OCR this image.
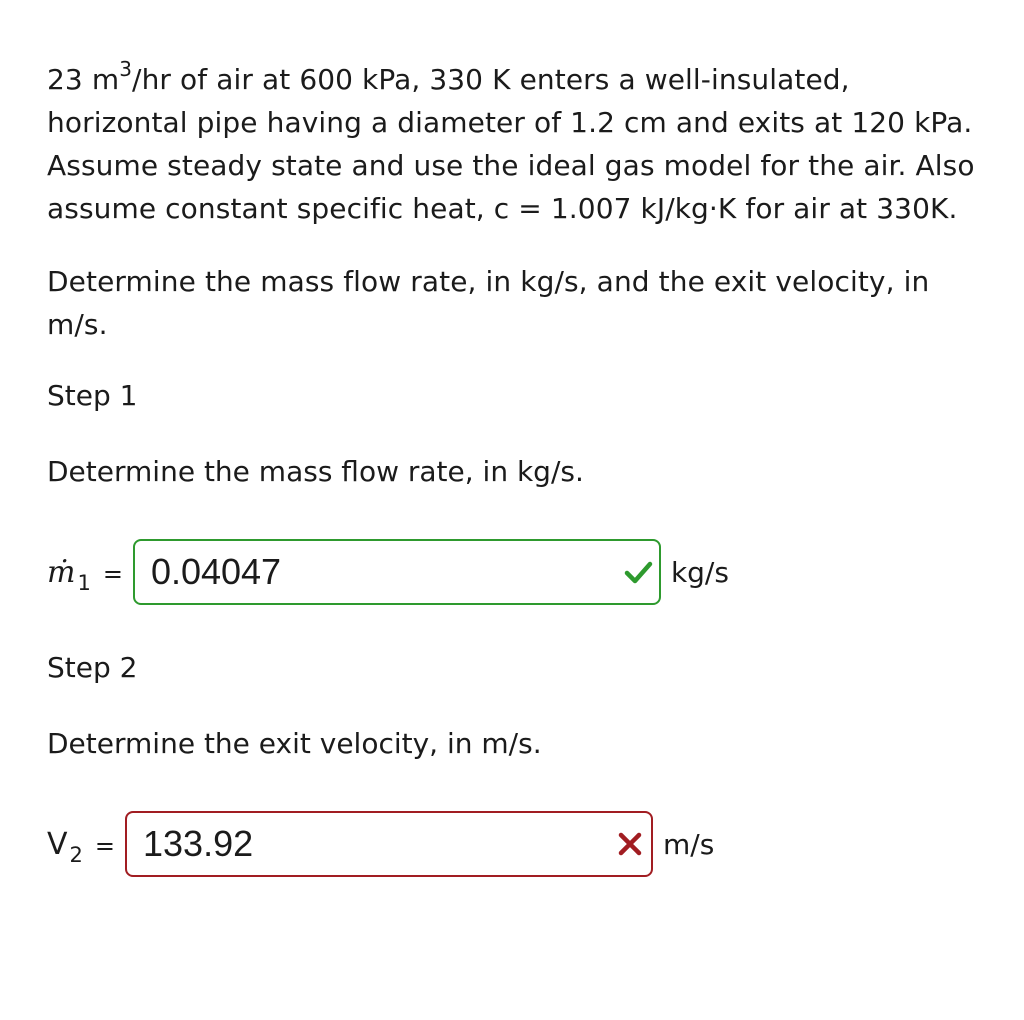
23 $m^3/hr$ of air at 600 kPa, 330 K enters a well-insulated, horizontal pipe having a diameter of 1.2 cm and exits at 120 kPa. Assume steady state and use the ideal gas model for the air. Also assume constant specific heat, c = 1.007 kJ/kg·K for air at 330K.

Determine the mass flow rate, in kg/s, and the exit velocity, in m/s.

Step 1
Determine the mass flow rate, in kg/s.
ṁ 1 = 0.04047	kg/s
Step 2
Determine the exit velocity, in m/s.
V 2 = 133.92	m/s
